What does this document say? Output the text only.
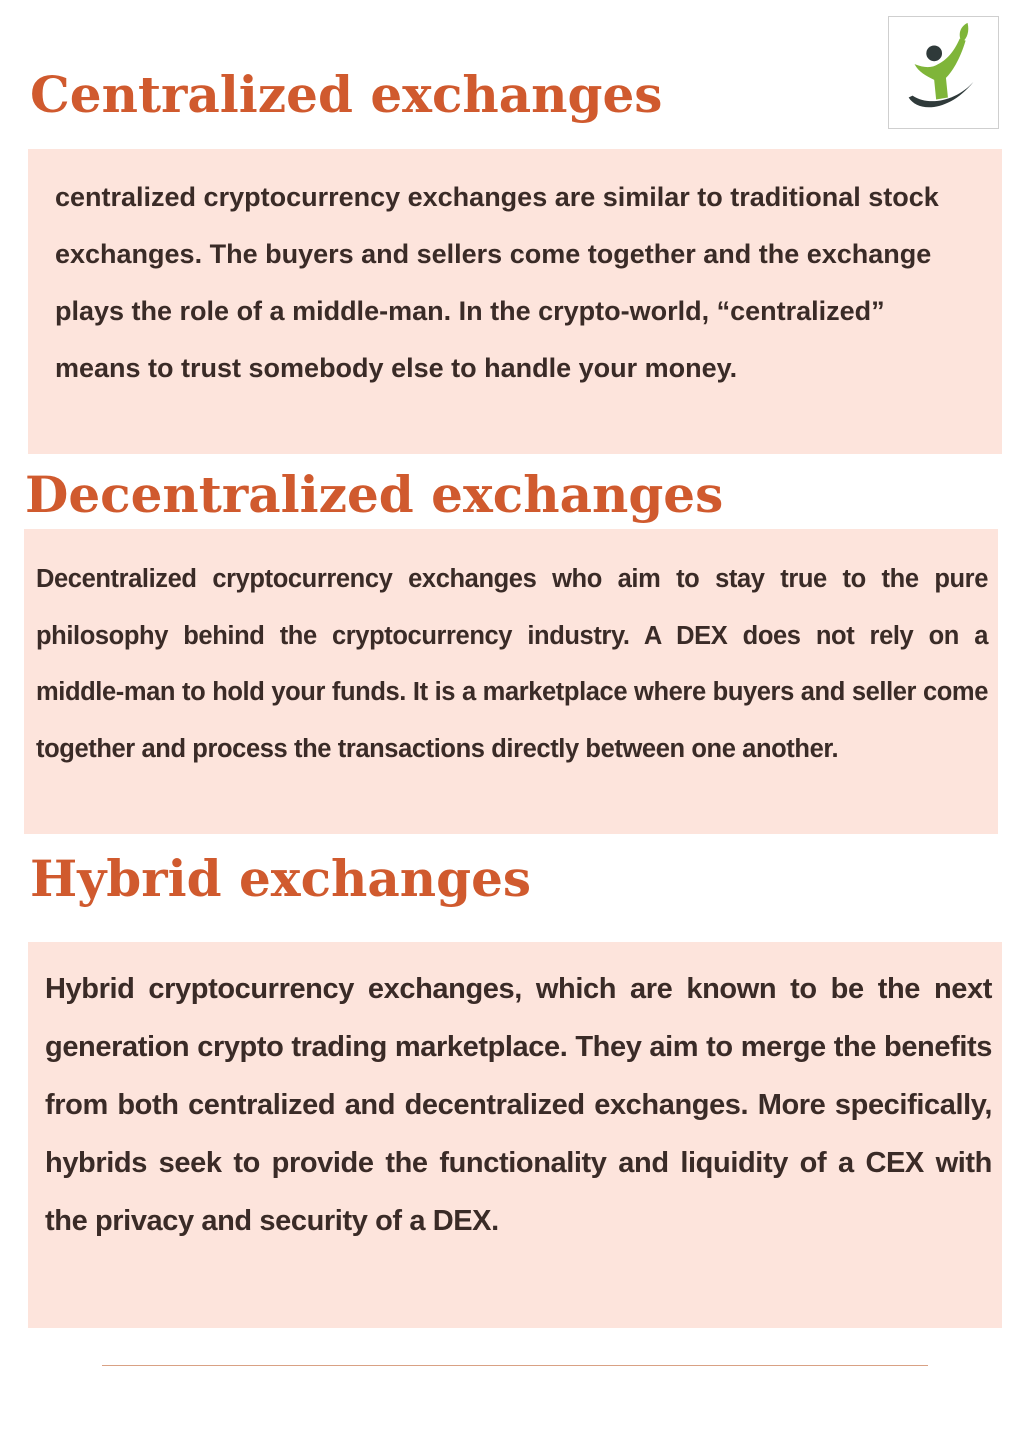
Centralized exchanges

centralized cryptocurrency exchanges are similar to traditional stock exchanges. The buyers and sellers come together and the exchange plays the role of a middle-man. In the crypto-world, “centralized” means to trust somebody else to handle your money.

Decentralized exchanges

Decentralized cryptocurrency exchanges who aim to stay true to the pure philosophy behind the cryptocurrency industry. A DEX does not rely on a middle-man to hold your funds. It is a marketplace where buyers and seller come together and process the transactions directly between one another.

Hybrid exchanges

Hybrid cryptocurrency exchanges, which are known to be the next generation crypto trading marketplace. They aim to merge the benefits from both centralized and decentralized exchanges. More specifically, hybrids seek to provide the functionality and liquidity of a CEX with the privacy and security of a DEX.
